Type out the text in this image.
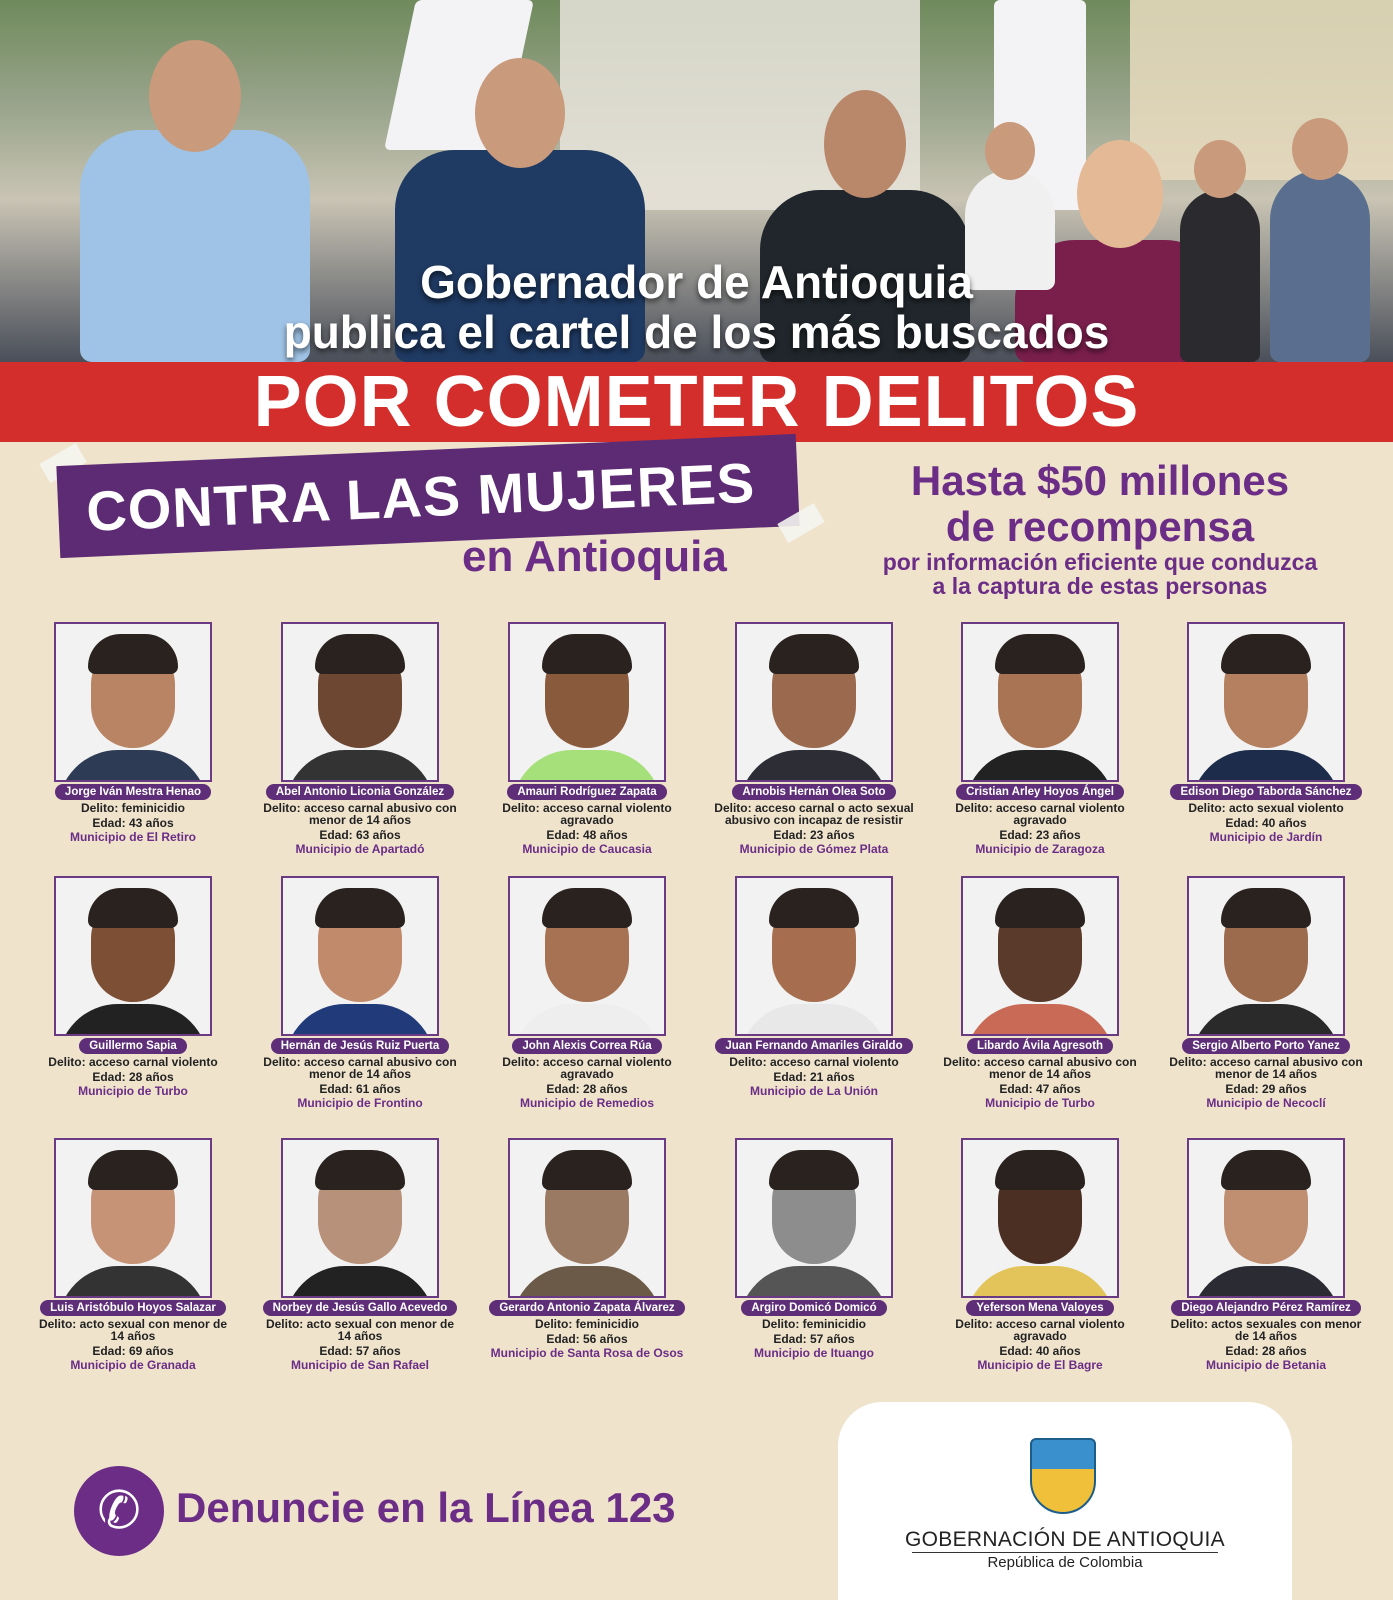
Gobernador de Antioquia
publica el cartel de los más buscados
POR COMETER DELITOS
CONTRA LAS MUJERES
en Antioquia
Hasta $50 millones
de recompensa
por información eficiente que conduzca
a la captura de estas personas
Jorge Iván Mestra Henao
Delito: feminicidio
Edad: 43 años
Municipio de El Retiro
Abel Antonio Liconia González
Delito: acceso carnal abusivo con menor de 14 años
Edad: 63 años
Municipio de Apartadó
Amauri Rodríguez Zapata
Delito: acceso carnal violento agravado
Edad: 48 años
Municipio de Caucasia
Arnobis Hernán Olea Soto
Delito: acceso carnal o acto sexual abusivo con incapaz de resistir
Edad: 23 años
Municipio de Gómez Plata
Cristian Arley Hoyos Ángel
Delito: acceso carnal violento agravado
Edad: 23 años
Municipio de Zaragoza
Edison Diego Taborda Sánchez
Delito: acto sexual violento
Edad: 40 años
Municipio de Jardín
Guillermo Sapia
Delito: acceso carnal violento
Edad: 28 años
Municipio de Turbo
Hernán de Jesús Ruiz Puerta
Delito: acceso carnal abusivo con menor de 14 años
Edad: 61 años
Municipio de Frontino
John Alexis Correa Rúa
Delito: acceso carnal violento agravado
Edad: 28 años
Municipio de Remedios
Juan Fernando Amariles Giraldo
Delito: acceso carnal violento
Edad: 21 años
Municipio de La Unión
Libardo Ávila Agresoth
Delito: acceso carnal abusivo con menor de 14 años
Edad: 47 años
Municipio de Turbo
Sergio Alberto Porto Yanez
Delito: acceso carnal abusivo con menor de 14 años
Edad: 29 años
Municipio de Necoclí
Luis Aristóbulo Hoyos Salazar
Delito: acto sexual con menor de 14 años
Edad: 69 años
Municipio de Granada
Norbey de Jesús Gallo Acevedo
Delito: acto sexual con menor de 14 años
Edad: 57 años
Municipio de San Rafael
Gerardo Antonio Zapata Álvarez
Delito: feminicidio
Edad: 56 años
Municipio de Santa Rosa de Osos
Argiro Domicó Domicó
Delito: feminicidio
Edad: 57 años
Municipio de Ituango
Yeferson Mena Valoyes
Delito: acceso carnal violento agravado
Edad: 40 años
Municipio de El Bagre
Diego Alejandro Pérez Ramírez
Delito: actos sexuales con menor de 14 años
Edad: 28 años
Municipio de Betania
✆ Denuncie en la Línea 123
GOBERNACIÓN DE ANTIOQUIA
República de Colombia
